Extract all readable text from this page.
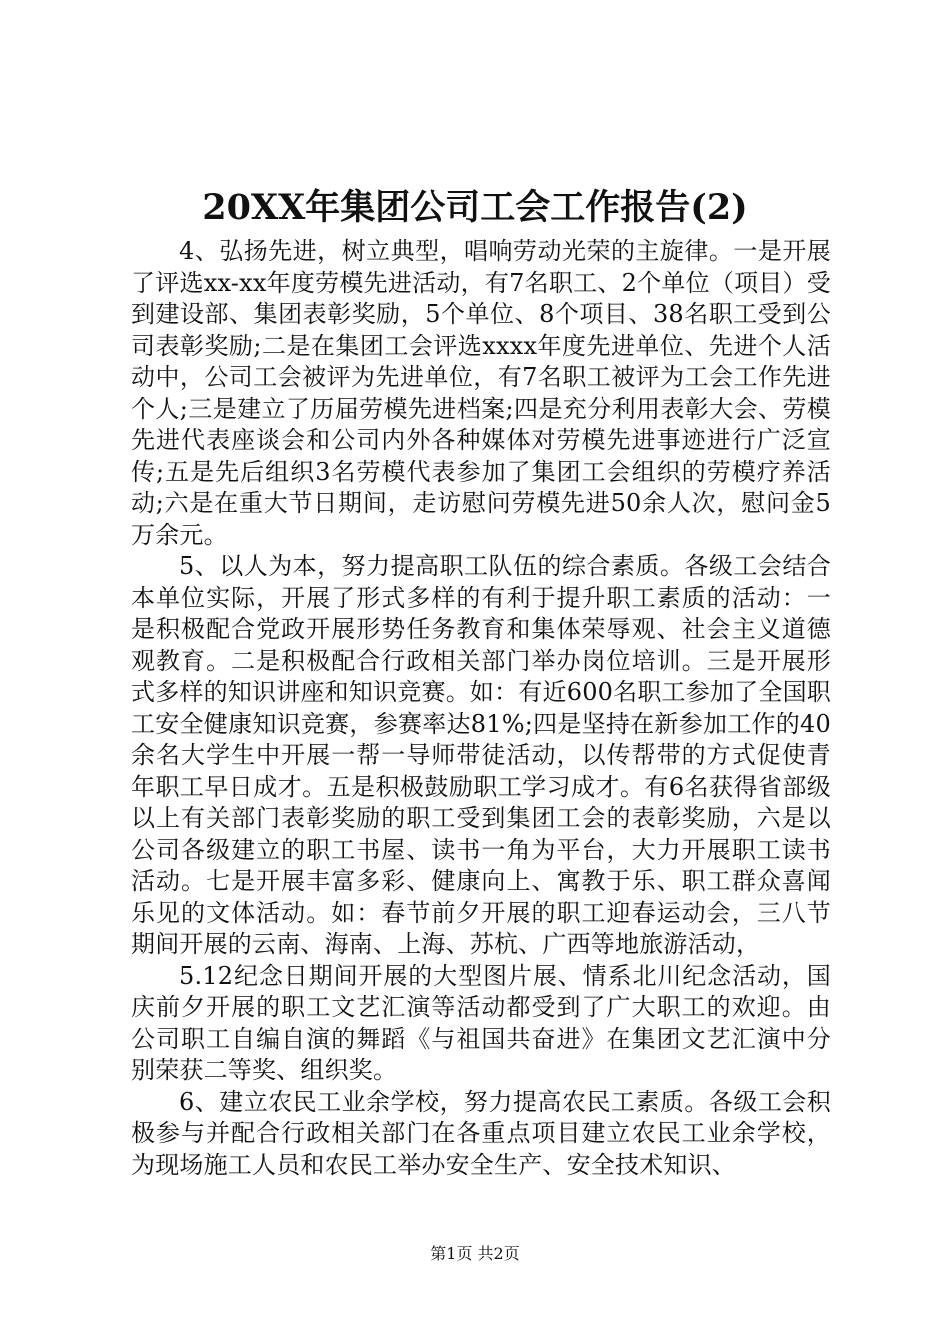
20XX年集团公司工会工作报告(2)

4、弘扬先进，树立典型，唱响劳动光荣的主旋律。一是开展了评选xx-xx年度劳模先进活动，有7名职工、2个单位（项目）受到建设部、集团表彰奖励，5个单位、8个项目、38名职工受到公司表彰奖励;二是在集团工会评选xxxx年度先进单位、先进个人活动中，公司工会被评为先进单位，有7名职工被评为工会工作先进个人;三是建立了历届劳模先进档案;四是充分利用表彰大会、劳模先进代表座谈会和公司内外各种媒体对劳模先进事迹进行广泛宣传;五是先后组织3名劳模代表参加了集团工会组织的劳模疗养活动;六是在重大节日期间，走访慰问劳模先进50余人次，慰问金5万余元。

5、以人为本，努力提高职工队伍的综合素质。各级工会结合本单位实际，开展了形式多样的有利于提升职工素质的活动：一是积极配合党政开展形势任务教育和集体荣辱观、社会主义道德观教育。二是积极配合行政相关部门举办岗位培训。三是开展形式多样的知识讲座和知识竞赛。如：有近600名职工参加了全国职工安全健康知识竞赛，参赛率达81%;四是坚持在新参加工作的40余名大学生中开展一帮一导师带徒活动，以传帮带的方式促使青年职工早日成才。五是积极鼓励职工学习成才。有6名获得省部级以上有关部门表彰奖励的职工受到集团工会的表彰奖励，六是以公司各级建立的职工书屋、读书一角为平台，大力开展职工读书活动。七是开展丰富多彩、健康向上、寓教于乐、职工群众喜闻乐见的文体活动。如：春节前夕开展的职工迎春运动会，三八节期间开展的云南、海南、上海、苏杭、广西等地旅游活动，

5.12纪念日期间开展的大型图片展、情系北川纪念活动，国庆前夕开展的职工文艺汇演等活动都受到了广大职工的欢迎。由公司职工自编自演的舞蹈《与祖国共奋进》在集团文艺汇演中分别荣获二等奖、组织奖。

6、建立农民工业余学校，努力提高农民工素质。各级工会积极参与并配合行政相关部门在各重点项目建立农民工业余学校，为现场施工人员和农民工举办安全生产、安全技术知识、

第1页 共2页
